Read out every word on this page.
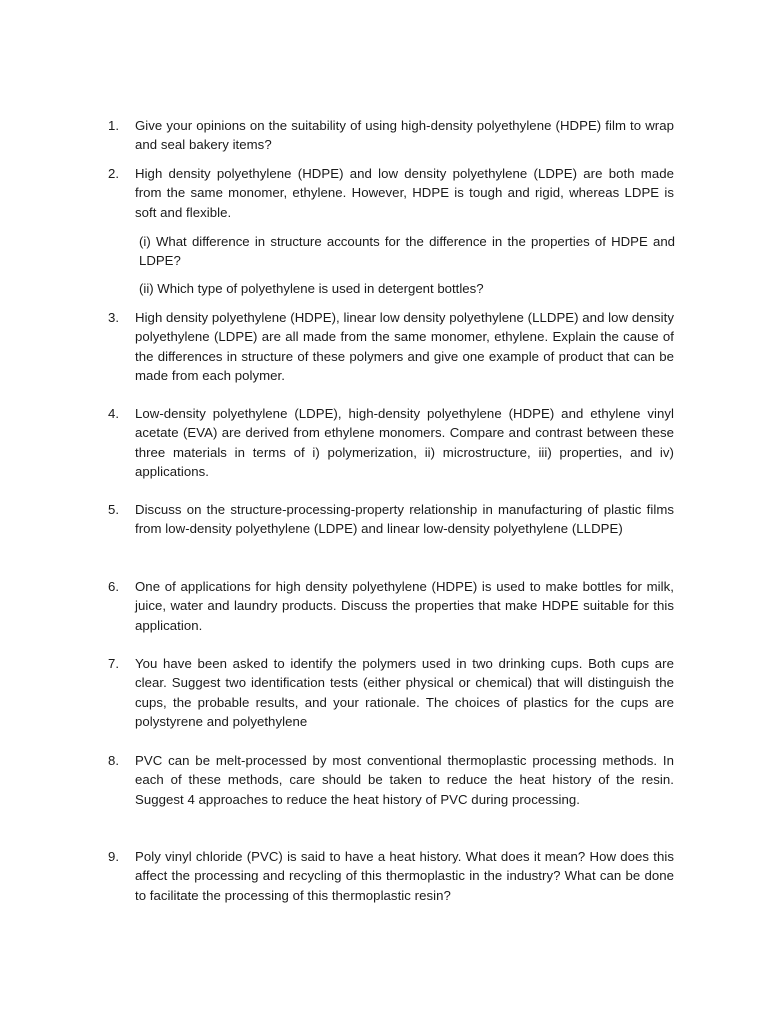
1.	Give your opinions on the suitability of using high-density polyethylene (HDPE) film to wrap and seal bakery items?
2.	High density polyethylene (HDPE) and low density polyethylene (LDPE) are both made from the same monomer, ethylene. However, HDPE is tough and rigid, whereas LDPE is soft and flexible.
(i) What difference in structure accounts for the difference in the properties of HDPE and LDPE?
(ii) Which type of polyethylene is used in detergent bottles?
3.	High density polyethylene (HDPE), linear low density polyethylene (LLDPE) and low density polyethylene (LDPE) are all made from the same monomer, ethylene. Explain the cause of the differences in structure of these polymers and give one example of product that can be made from each polymer.
4.	Low-density polyethylene (LDPE), high-density polyethylene (HDPE) and ethylene vinyl acetate (EVA) are derived from ethylene monomers. Compare and contrast between these three materials in terms of i) polymerization, ii) microstructure, iii) properties, and iv) applications.
5.	Discuss on the structure-processing-property relationship in manufacturing of plastic films from low-density polyethylene (LDPE) and linear low-density polyethylene (LLDPE)
6.	One of applications for high density polyethylene (HDPE) is used to make bottles for milk, juice, water and laundry products. Discuss the properties that make HDPE suitable for this application.
7.	You have been asked to identify the polymers used in two drinking cups. Both cups are clear. Suggest two identification tests (either physical or chemical) that will distinguish the cups, the probable results, and your rationale. The choices of plastics for the cups are polystyrene and polyethylene
8.	PVC can be melt-processed by most conventional thermoplastic processing methods. In each of these methods, care should be taken to reduce the heat history of the resin. Suggest 4 approaches to reduce the heat history of PVC during processing.
9.	Poly vinyl chloride (PVC) is said to have a heat history. What does it mean? How does this affect the processing and recycling of this thermoplastic in the industry? What can be done to facilitate the processing of this thermoplastic resin?
